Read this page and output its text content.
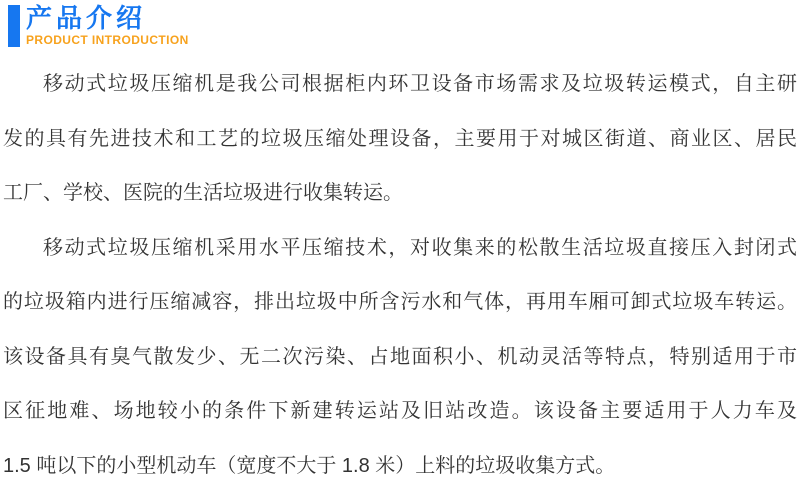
产品介绍
PRODUCT INTRODUCTION
移动式垃圾压缩机是我公司根据柜内环卫设备市场需求及垃圾转运模式，自主研
发的具有先进技术和工艺的垃圾压缩处理设备，主要用于对城区街道、商业区、居民
工厂、学校、医院的生活垃圾进行收集转运。
移动式垃圾压缩机采用水平压缩技术，对收集来的松散生活垃圾直接压入封闭式
的垃圾箱内进行压缩减容，排出垃圾中所含污水和气体，再用车厢可卸式垃圾车转运。
该设备具有臭气散发少、无二次污染、占地面积小、机动灵活等特点，特别适用于市
区征地难、场地较小的条件下新建转运站及旧站改造。该设备主要适用于人力车及
1.5 吨以下的小型机动车（宽度不大于 1.8 米）上料的垃圾收集方式。
